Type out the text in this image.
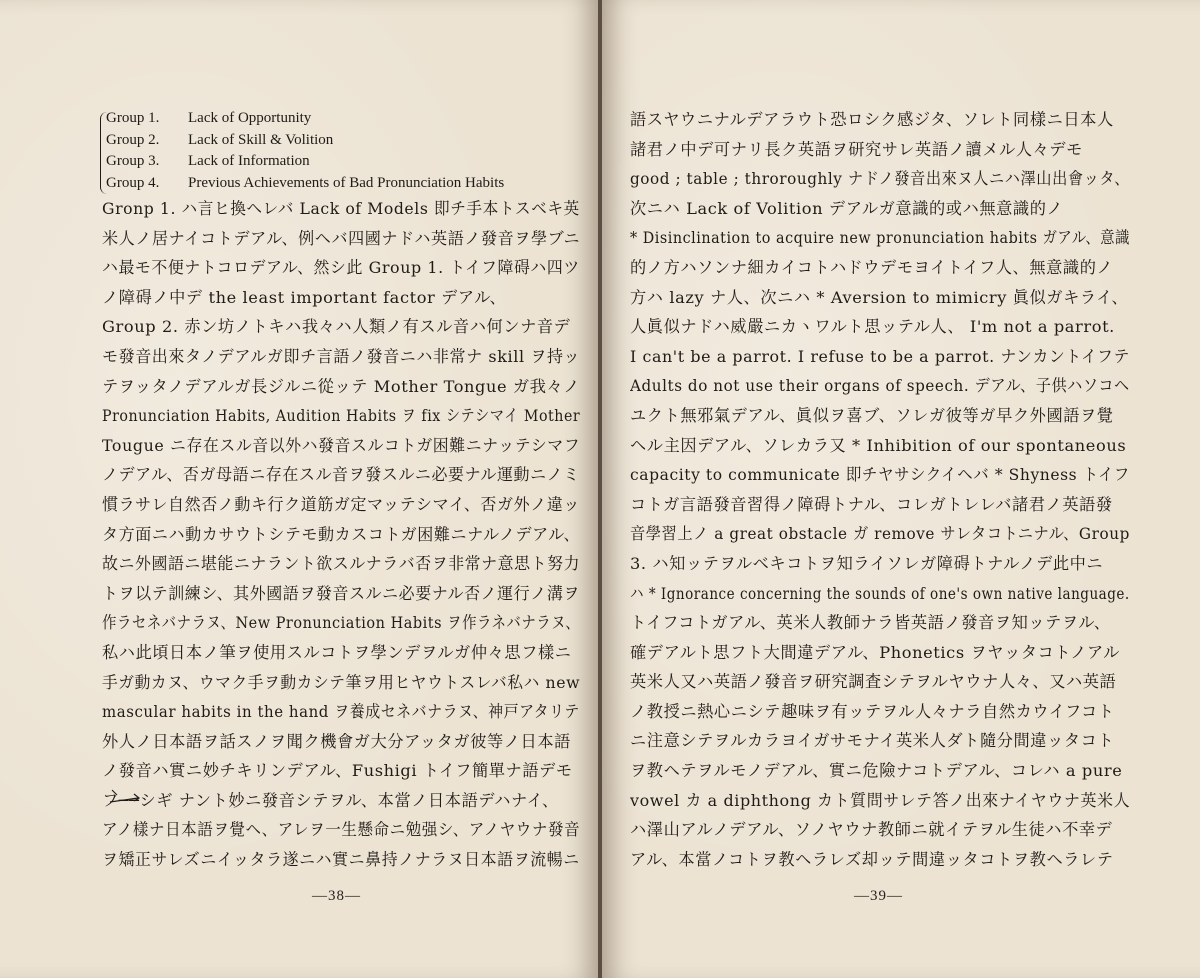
Group 1.	Lack of Opportunity
Group 2.	Lack of Skill & Volition
Group 3.	Lack of Information
Group 4.	Previous Achievements of Bad Pronunciation Habits
Gronp 1. ハ言ヒ換ヘレバ Lack of Models 即チ手本トスベキ英
米人ノ居ナイコトデアル、例ヘバ四國ナドハ英語ノ發音ヲ學ブニ
ハ最モ不便ナトコロデアル、然シ此 Group 1. トイフ障碍ハ四ツ
ノ障碍ノ中デ the least important factor デアル、
Group 2. 赤ン坊ノトキハ我々ハ人類ノ有スル音ハ何ンナ音デ
モ發音出來タノデアルガ即チ言語ノ發音ニハ非常ナ skill ヲ持ッ
テヲッタノデアルガ長ジルニ從ッテ Mother Tongue ガ我々ノ
Pronunciation Habits, Audition Habits ヲ fix シテシマイ Mother
Tougue ニ存在スル音以外ハ發音スルコトガ困難ニナッテシマフ
ノデアル、否ガ母語ニ存在スル音ヲ發スルニ必要ナル運動ニノミ
慣ラサレ自然否ノ動キ行ク道筋ガ定マッテシマイ、否ガ外ノ違ッ
タ方面ニハ動カサウトシテモ動カスコトガ困難ニナルノデアル、
故ニ外國語ニ堪能ニナラント欲スルナラバ否ヲ非常ナ意思ト努力
トヲ以テ訓練シ、其外國語ヲ發音スルニ必要ナル否ノ運行ノ溝ヲ
作ラセネバナラヌ、New Pronunciation Habits ヲ作ラネバナラヌ、
私ハ此頃日本ノ筆ヲ使用スルコトヲ學ンデヲルガ仲々思フ樣ニ
手ガ動カヌ、ウマク手ヲ動カシテ筆ヲ用ヒヤウトスレバ私ハ new
mascular habits in the hand ヲ養成セネバナラヌ、神戸アタリテ
外人ノ日本語ヲ話スノヲ聞ク機會ガ大分アッタガ彼等ノ日本語
ノ發音ハ實ニ妙チキリンデアル、Fushigi トイフ簡單ナ語デモ
フ──シギ ナント妙ニ發音シテヲル、本當ノ日本語デハナイ、
アノ樣ナ日本語ヲ覺ヘ、アレヲ一生懸命ニ勉强シ、アノヤウナ發音
ヲ矯正サレズニイッタラ遂ニハ實ニ鼻持ノナラヌ日本語ヲ流暢ニ
—38—
語スヤウニナルデアラウト恐ロシク感ジタ、ソレト同樣ニ日本人
諸君ノ中デ可ナリ長ク英語ヲ研究サレ英語ノ讀メル人々デモ
good ; table ; throroughly ナドノ發音出來ヌ人ニハ澤山出會ッタ、
次ニハ Lack of Volition デアルガ意識的或ハ無意識的ノ
* Disinclination to acquire new pronunciation habits ガアル、意識
的ノ方ハソンナ細カイコトハドウデモヨイトイフ人、無意識的ノ
方ハ lazy ナ人、次ニハ * Aversion to mimicry 眞似ガキライ、
人眞似ナドハ威嚴ニカヽワルト思ッテル人、 I'm not a parrot.
I can't be a parrot. I refuse to be a parrot. ナンカントイフテ
Adults do not use their organs of speech. デアル、子供ハソコヘ
ユクト無邪氣デアル、眞似ヲ喜ブ、ソレガ彼等ガ早ク外國語ヲ覺
ヘル主因デアル、ソレカラ又 * Inhibition of our spontaneous
capacity to communicate 即チヤサシクイヘバ * Shyness トイフ
コトガ言語發音習得ノ障碍トナル、コレガトレレバ諸君ノ英語發
音學習上ノ a great obstacle ガ remove サレタコトニナル、Group
3. ハ知ッテヲルベキコトヲ知ライソレガ障碍トナルノデ此中ニ
ハ * Ignorance concerning the sounds of one's own native language.
トイフコトガアル、英米人教師ナラ皆英語ノ發音ヲ知ッテヲル、
確デアルト思フト大間違デアル、Phonetics ヲヤッタコトノアル
英米人又ハ英語ノ發音ヲ研究調査シテヲルヤウナ人々、又ハ英語
ノ教授ニ熱心ニシテ趣味ヲ有ッテヲル人々ナラ自然カウイフコト
ニ注意シテヲルカラヨイガサモナイ英米人ダト隨分間違ッタコト
ヲ教ヘテヲルモノデアル、實ニ危險ナコトデアル、コレハ a pure
vowel カ a diphthong カト質問サレテ答ノ出來ナイヤウナ英米人
ハ澤山アルノデアル、ソノヤウナ教師ニ就イテヲル生徒ハ不幸デ
アル、本當ノコトヲ教ヘラレズ却ッテ間違ッタコトヲ教ヘラレテ
—39—
